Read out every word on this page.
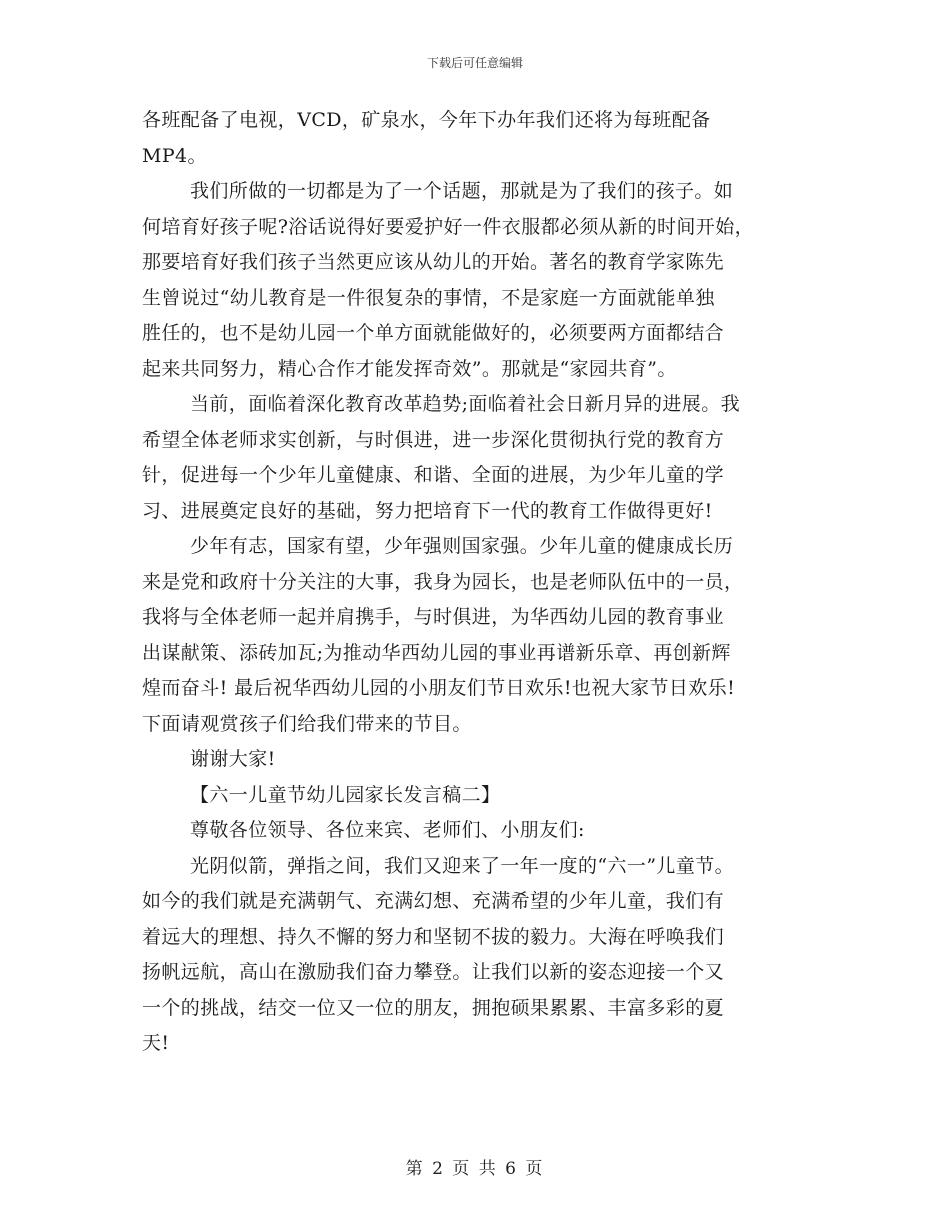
下载后可任意编辑
各班配备了电视，VCD，矿泉水，今年下办年我们还将为每班配备
MP4。
我们所做的一切都是为了一个话题，那就是为了我们的孩子。如
何培育好孩子呢?浴话说得好要爱护好一件衣服都必须从新的时间开始，
那要培育好我们孩子当然更应该从幼儿的开始。著名的教育学家陈先
生曾说过“幼儿教育是一件很复杂的事情，不是家庭一方面就能单独
胜任的，也不是幼儿园一个单方面就能做好的，必须要两方面都结合
起来共同努力，精心合作才能发挥奇效”。那就是“家园共育”。
当前，面临着深化教育改革趋势;面临着社会日新月异的进展。我
希望全体老师求实创新，与时俱进，进一步深化贯彻执行党的教育方
针，促进每一个少年儿童健康、和谐、全面的进展，为少年儿童的学
习、进展奠定良好的基础，努力把培育下一代的教育工作做得更好!
少年有志，国家有望，少年强则国家强。少年儿童的健康成长历
来是党和政府十分关注的大事，我身为园长，也是老师队伍中的一员，
我将与全体老师一起并肩携手，与时俱进，为华西幼儿园的教育事业
出谋献策、添砖加瓦;为推动华西幼儿园的事业再谱新乐章、再创新辉
煌而奋斗! 最后祝华西幼儿园的小朋友们节日欢乐!也祝大家节日欢乐!
下面请观赏孩子们给我们带来的节目。
谢谢大家!
【六一儿童节幼儿园家长发言稿二】
尊敬各位领导、各位来宾、老师们、小朋友们:
光阴似箭，弹指之间，我们又迎来了一年一度的“六一”儿童节。
如今的我们就是充满朝气、充满幻想、充满希望的少年儿童，我们有
着远大的理想、持久不懈的努力和坚韧不拔的毅力。大海在呼唤我们
扬帆远航，高山在激励我们奋力攀登。让我们以新的姿态迎接一个又
一个的挑战，结交一位又一位的朋友，拥抱硕果累累、丰富多彩的夏
天!
第 2 页 共 6 页
